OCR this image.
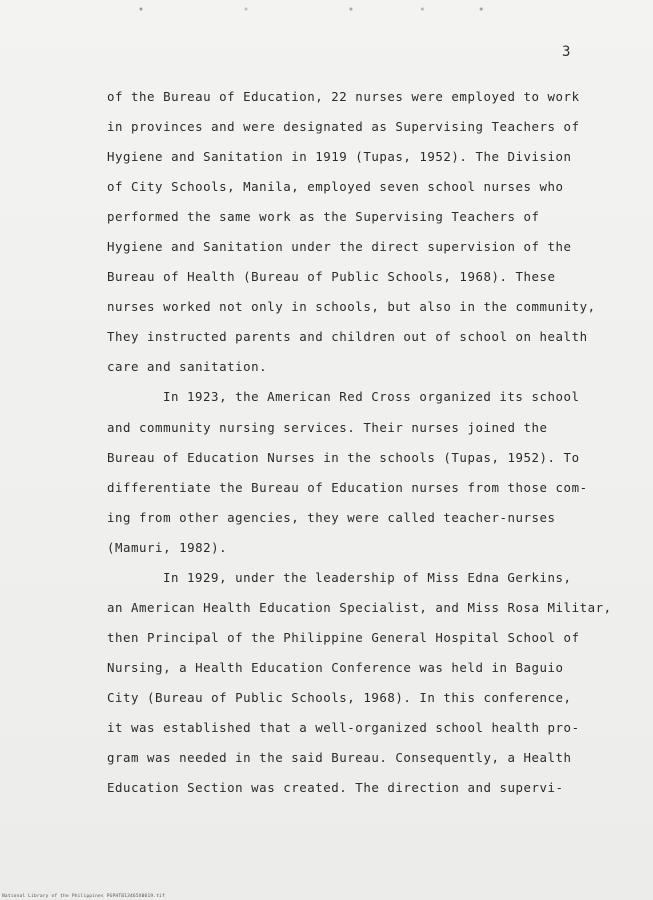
3
of the Bureau of Education, 22 nurses were employed to work
in provinces and were designated as Supervising Teachers of
Hygiene and Sanitation in 1919 (Tupas, 1952). The Division
of City Schools, Manila, employed seven school nurses who
performed the same work as the Supervising Teachers of
Hygiene and Sanitation under the direct supervision of the
Bureau of Health (Bureau of Public Schools, 1968). These
nurses worked not only in schools, but also in the community,
They instructed parents and children out of school on health
care and sanitation.
In 1923, the American Red Cross organized its school
and community nursing services. Their nurses joined the
Bureau of Education Nurses in the schools (Tupas, 1952). To
differentiate the Bureau of Education nurses from those com-
ing from other agencies, they were called teacher-nurses
(Mamuri, 1982).
In 1929, under the leadership of Miss Edna Gerkins,
an American Health Education Specialist, and Miss Rosa Militar,
then Principal of the Philippine General Hospital School of
Nursing, a Health Education Conference was held in Baguio
City (Bureau of Public Schools, 1968). In this conference,
it was established that a well-organized school health pro-
gram was needed in the said Bureau. Consequently, a Health
Education Section was created. The direction and supervi-
National Library of the Philippines PGPHTB13465X0019.tif
